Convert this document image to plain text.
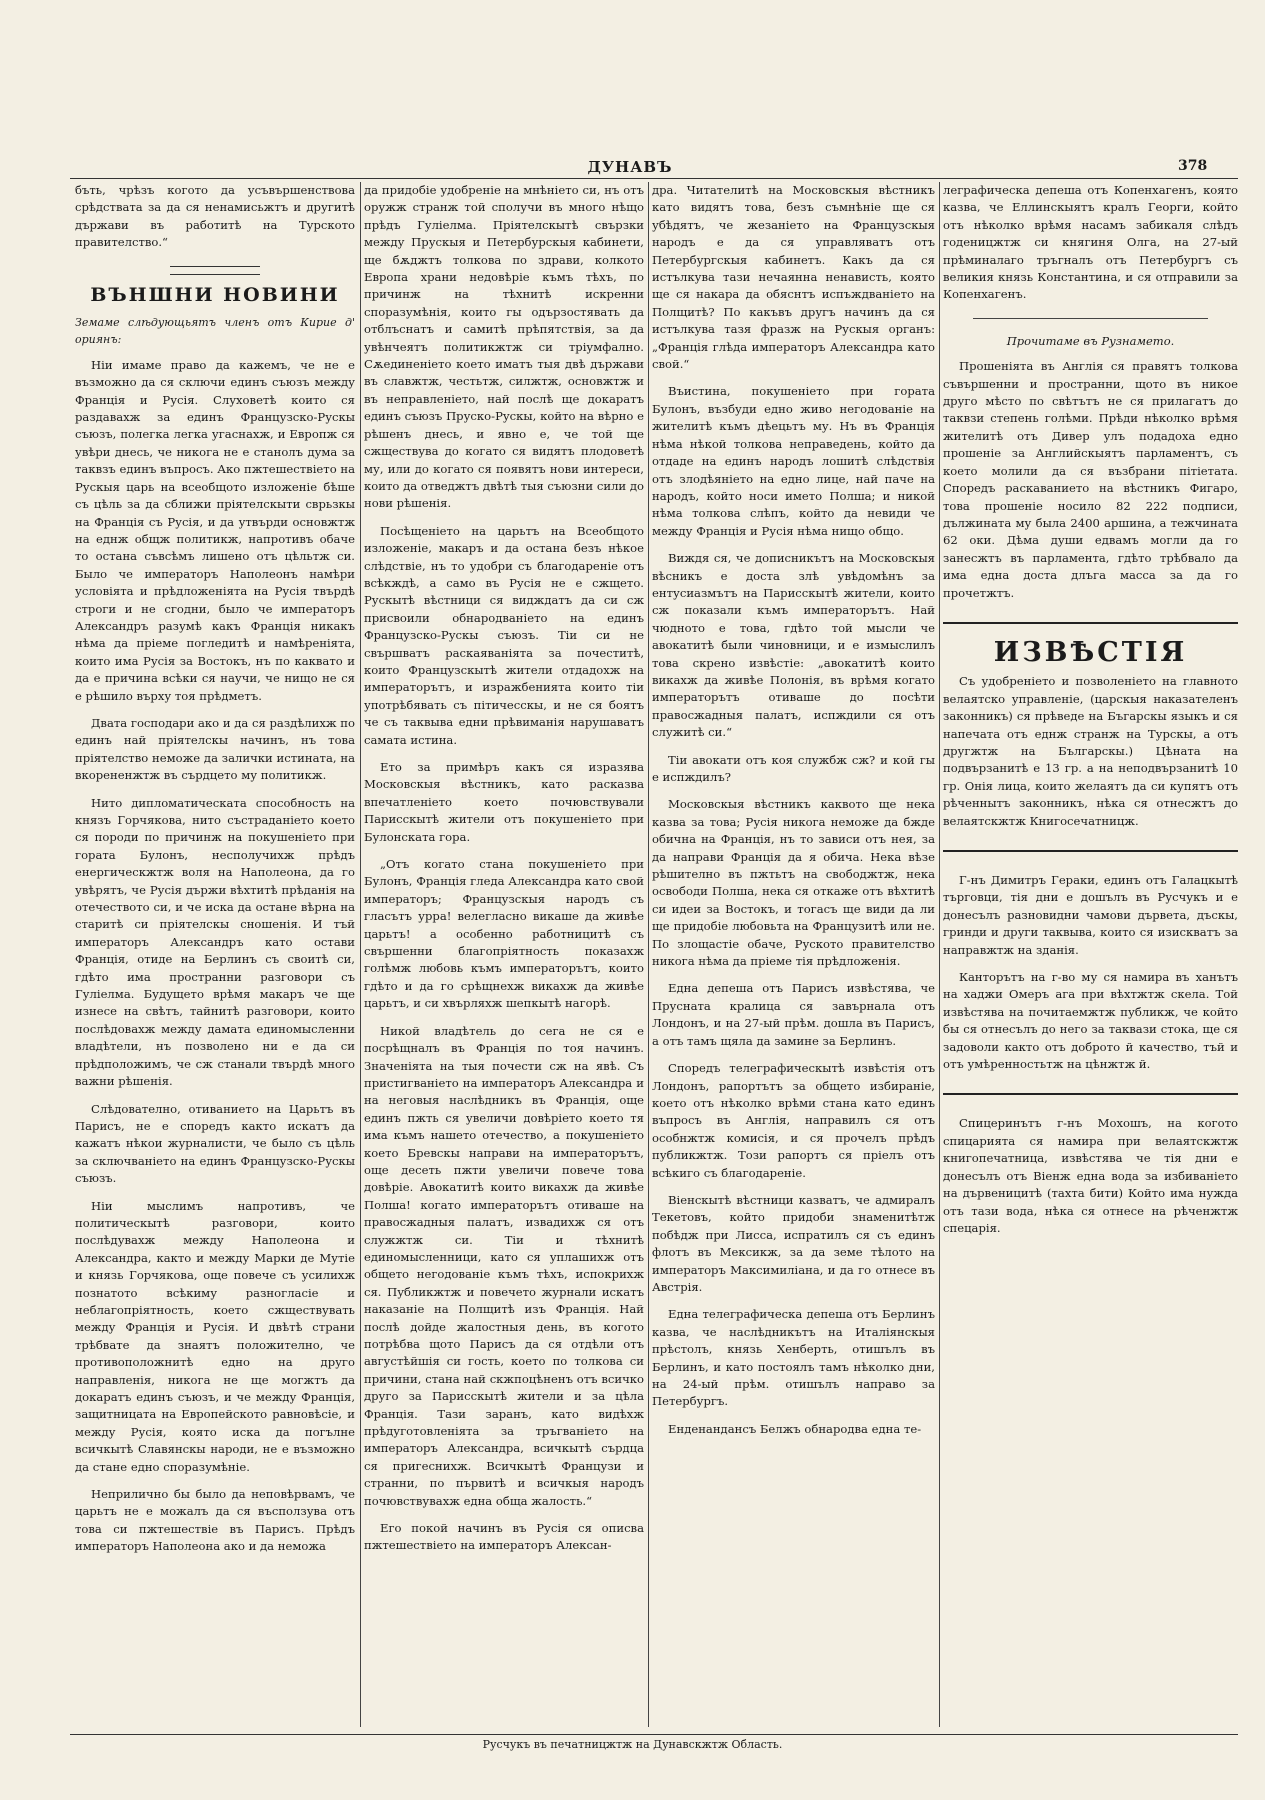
ДУНАВЪ	378

бъть, чрѣзъ когото да усъвършенствова срѣдствата за да ся ненамисьжтъ и другитѣ държави въ работитѣ на Турското правителство.“

ВЪНШНИ НОВИНИ

Земаме слѣдующьятъ членъ отъ Кирие д' ориянъ:

Ніи имаме право да кажемъ, че не е възможно да ся сключи единъ съюзъ между Франція и Русія. Слуховетѣ които ся раздавахж за единъ Французско-Рускы съюзъ, полегка легка угаснахж, и Европж ся увѣри днесь, че никога не е станолъ дума за таквзъ единъ въпросъ. Ако пжтешествіето на Рускыя царь на всеобщото изложеніе бѣше съ цѣль за да сближи пріятелскыти сврьзкы на Франція съ Русія, и да утвърди основжтж на еднж общж политикж, напротивъ обаче то остана съвсѣмъ лишено отъ цѣльтж си. Было че императоръ Наполеонъ намѣри условіята и прѣдложеніята на Русія твърдѣ строги и не сгодни, было че императоръ Александръ разумѣ какъ Франція никакъ нѣма да пріеме погледитѣ и намѣреніята, които има Русія за Востокъ, нъ по каквато и да е причина всѣки ся научи, че нищо не ся е рѣшило върху тоя прѣдметъ.

Двата господари ако и да ся раздѣлихж по единъ най пріятелскы начинъ, нъ това пріятелство неможе да залички истината, на вкорененжтж въ сърдцето му политикж.

Нито дипломатическата способность на князъ Горчякова, нито състраданіето което ся породи по причинж на покушеніето при гората Булонъ, несполучихж прѣдъ енергическжтж воля на Наполеона, да го увѣрятъ, че Русія държи вѣхтитѣ прѣданія на отечеството си, и че иска да остане вѣрна на старитѣ си пріятелскы сношенія. И тъй императоръ Александръ като остави Франція, отиде на Берлинъ съ своитѣ си, гдѣто има пространни разговори съ Гуліелма. Будущето врѣмя макаръ че ще изнесе на свѣтъ, тайнитѣ разговори, които послѣдовахж между дамата единомысленни владѣтели, нъ позволено ни е да си прѣдположимъ, че сж станали твърдѣ много важни рѣшенія.

Слѣдователно, отиванието на Царьтъ въ Парисъ, не е споредъ както искатъ да кажатъ нѣкои журналисти, че было съ цѣль за сключваніето на единъ Французско-Рускы съюзъ.

Ніи мыслимъ напротивъ, че политическытѣ разговори, които послѣдувахж между Наполеона и Александра, както и между Марки де Мутіе и князь Горчякова, още повече съ усилихж познатото всѣкиму разногласіе и неблагопріятность, което сжществувать между Франція и Русія. И двѣтѣ страни трѣбвате да знаятъ положително, че противоположнитѣ едно на друго направленія, никога не ще могжтъ да докаратъ единъ съюзъ, и че между Франція, защитницата на Европейското равновѣсіе, и между Русія, която иска да погълне всичкытѣ Славянскы народи, не е възможно да стане едно споразумѣніе.

Неприлично бы было да неповѣрвамъ, че царьтъ не е можалъ да ся въсползува отъ това си пжтешествіе въ Парисъ. Прѣдъ императоръ Наполеона ако и да неможа

да придобіе удобреніе на мнѣніето си, нъ отъ оружж странж той сполучи въ много нѣщо прѣдъ Гуліелма. Пріятелскытѣ свързки между Прускыя и Петербурскыя кабинети, ще бѫджтъ толкова по здрави, колкото Европа храни недовѣріе къмъ тѣхъ, по причинж на тѣхнитѣ искренни споразумѣнія, които гы одързостявать да отблъснатъ и самитѣ прѣпятствія, за да увѣнчеятъ политикжтж си тріумфално. Сѫединеніето което иматъ тыя двѣ държави въ славжтж, честьтж, силжтж, основжтж и въ неправленіето, най послѣ ще докаратъ единъ съюзъ Пруско-Рускы, който на вѣрно е рѣшенъ днесь, и явно е, че той ще сжществува до когато ся видятъ плодоветѣ му, или до когато ся появятъ нови интереси, които да отведжтъ двѣтѣ тыя съюзни сили до нови рѣшенія.

Посѣщеніето на царьтъ на Всеобщото изложеніе, макаръ и да остана безъ нѣкое слѣдствіе, нъ то удобри съ благодареніе отъ всѣкждѣ, а само въ Русія не е сжщето. Рускытѣ вѣстници ся видждатъ да си сж присвоили обнародваніето на единъ Французско-Рускы съюзъ. Тіи си не свършватъ раскаяваніята за почеститѣ, които Французскытѣ жители отдадохж на императорътъ, и изражбенията които тіи употрѣбявать съ пітичесскы, и не ся боятъ че съ таквыва едни прѣвиманія нарушаватъ самата истина.

Ето за примѣръ какъ ся изразява Московскыя вѣстникъ, като расказва впечатленіето което почювствували Парисскытѣ жители отъ покушеніето при Булонската гора.

„Отъ когато стана покушеніето при Булонъ, Франція гледа Александра като свой императоръ; Французскыя народъ съ гласътъ урра! велегласно викаше да живѣе царьтъ! а особенно работницитѣ съ свършенни благопріятность показахж голѣмж любовь къмъ императорътъ, които гдѣто и да го срѣщнехж викахж да живѣе царьтъ, и си хвърляхж шепкытѣ нагорѣ.

Никой владѣтель до сега не ся е посрѣщналъ въ Франція по тоя начинъ. Значеніята на тыя почести сж на явѣ. Съ пристигваніето на императоръ Александра и на неговыя наслѣдникъ въ Франція, още единъ пжть ся увеличи довѣріето което тя има къмъ нашето отечество, а покушеніето което Бревскы направи на императорътъ, още десеть пжти увеличи повече това довѣріе. Авокатитѣ които викахж да живѣе Полша! когато императорътъ отиваше на правосжадныя палатъ, извадихж ся отъ служжтж си. Тіи и тѣхнитѣ единомысленници, като ся уплашихж отъ общето негодованіе къмъ тѣхъ, испокрихж ся. Публикжтж и повечето журнали искатъ наказаніе на Полщитѣ изъ Франція. Най послѣ дойде жалостныя день, въ когото потрѣбва щото Парисъ да ся отдѣли отъ августѣйшія си гость, което по толкова си причини, стана най скжпоцѣненъ отъ всичко друго за Парисскытѣ жители и за цѣла Франція. Тази заранъ, като видѣхж прѣдуготовленіята за тръгваніето на императоръ Александра, всичкытѣ сърдца ся пригеснихж. Всичкытѣ Французи и странни, по първитѣ и всичкыя народъ почювствувахж една обща жалость.“

Его покой начинъ въ Русія ся описва пжтешествіето на императоръ Алексан-

дра. Читателитѣ на Московскыя вѣстникъ като видятъ това, безъ съмнѣніе ще ся убѣдятъ, че жезаніето на Французскыя народъ е да ся управляватъ отъ Петербургскыя кабинетъ. Какъ да ся истълкува тази нечаянна ненависть, която ще ся накара да обяснтъ испъждваніето на Полщитѣ? По какъвъ другъ начинъ да ся истълкува тазя фразж на Рускыя органъ: „Франція глѣда императоръ Александра като свой.“

Въистина, покушеніето при горатa Булонъ, възбуди едно живо негодованіе на жителитѣ къмъ дѣецьтъ му. Нъ въ Франція нѣма нѣкой толкова неправедень, който да отдаде на единъ народъ лошитѣ слѣдствія отъ злодѣяніето на едно лице, най паче на народъ, който носи името Полша; и никой нѣма толкова слѣпъ, който да невиди че между Франція и Русія нѣма нищо общо.

Виждя ся, че дописникътъ на Московскыя вѣсникъ е доста злѣ увѣдомѣнъ за ентусиазмътъ на Парисскытѣ жители, които сж показали къмъ императорътъ. Най чюдното е това, гдѣто той мысли че авокатитѣ были чиновници, и е измыслилъ това скрено извѣстіе: „авокатитѣ които викахж да живѣе Полонія, въ врѣмя когато императорътъ отиваше до посѣти правосжадныя палатъ, испждили ся отъ служитѣ си.“

Тіи авокати отъ коя службж сж? и кой гы е испждилъ?

Московскыя вѣстникъ каквото ще нека казва за това; Русія никога неможе да бжде обична на Франція, нъ то зависи отъ нея, за да направи Франція да я обича. Нека вѣзе рѣшително въ пжтьтъ на свободжтж, нека освободи Полша, нека ся откаже отъ вѣхтитѣ си идеи за Востокъ, и тогасъ ще види да ли ще придобіе любовьта на Французитѣ или не. По злощастіе обаче, Руското правителство никога нѣма да пріеме тія прѣдложенія.

Една депеша отъ Парисъ извѣстява, че Прусната кралица ся завърнала отъ Лондонъ, и на 27-ый прѣм. дошла въ Парисъ, а отъ тамъ щяла да замине за Берлинъ.

Споредъ телеграфическытѣ извѣстія отъ Лондонъ, рапортътъ за общето избираніе, което отъ нѣколко врѣми стана като единъ въпросъ въ Англія, направилъ ся отъ особнжтж комисія, и ся прочелъ прѣдъ публикжтж. Този рапортъ ся пріелъ отъ всѣкиго съ благодареніе.

Віенскытѣ вѣстници казватъ, че адмиралъ Текетовъ, който придоби знаменитѣтж побѣдж при Лисса, испратилъ ся съ единъ флотъ въ Мексикж, за да земе тѣлото на императоръ Максимиліана, и да го отнесе въ Австрія.

Една телеграфическа депеша отъ Берлинъ казва, че наслѣдникътъ на Италіянскыя прѣстолъ, князь Хенберть, отишълъ въ Берлинъ, и като постоялъ тамъ нѣколко дни, на 24-ый прѣм. отишълъ направо за Петербургъ.

Енденандансъ Белжъ обнародва една те-

леграфическа депеша отъ Копенхагенъ, която казва, че Еллинскыятъ кралъ Георги, който отъ нѣколко врѣмя насамъ забикаля слѣдъ годеницжтж си княгиня Олга, на 27-ый прѣминалаго тръгналъ отъ Петербургъ съ великия князь Константина, и ся отправили за Копенхагенъ.

Прочитаме въ Рузнамето.

Прошеніята въ Англія ся правятъ толкова съвършенни и пространни, щото въ никое друго мѣсто по свѣтътъ не ся прилагатъ до таквзи степень голѣми. Прѣди нѣколко врѣмя жителитѣ отъ Дивер улъ подадоха едно прошеніе за Английскыятъ парламентъ, съ което молили да ся възбрани пітіетата. Споредъ раскаванието на вѣстникъ Фигаро, това прошеніе носило 82 222 подписи, дължината му была 2400 аршина, а тежчината 62 оки. Дѣма души едвамъ могли да го занесжтъ въ парламента, гдѣто трѣбвало да има една доста длъга масса за да го прочетжтъ.

ИЗВѢСТІЯ

Съ удобреніето и позволеніето на главното велаятско управленіе, (царскыя наказателенъ законникъ) ся прѣведе на Бъгарскы языкъ и ся напечата отъ еднж странж на Турскы, а отъ другжтж на Българскы.) Цѣната на подвързанитѣ е 13 гр. а на неподвързанитѣ 10 гр. Онія лица, които желаятъ да си купятъ отъ рѣченнытъ законникъ, нѣка ся отнесжтъ до велаятскжтж Книгосечатницж.

Г-нъ Димитръ Гераки, единъ отъ Галацкытѣ търговци, тія дни е дошълъ въ Русчукъ и е донесълъ разновидни чамови дървета, дъскы, гринди и други таквыва, които ся изискватъ за направжтж на зданія.

Канторътъ на г-во му ся намира въ ханътъ на хаджи Омеръ ага при вѣхтжтж скела. Той извѣстява на почитаемжтж публикж, че който бы ся отнесълъ до него за таквази стока, ще ся задоволи както отъ доброто й качество, тъй и отъ умѣренностьтж на цѣнжтж й.

Спицеринътъ г-нъ Мохошъ, на когото спицарията ся намира при велаятскжтж книгопечатница, извѣстява че тія дни е донесълъ отъ Віенж една вода за избиваніето на дървеницитѣ (тахта бити) Който има нужда отъ тази вода, нѣка ся отнесе на рѣченжтж спецарія.

Русчукъ въ печатницжтж на Дунавскжтж Область.
